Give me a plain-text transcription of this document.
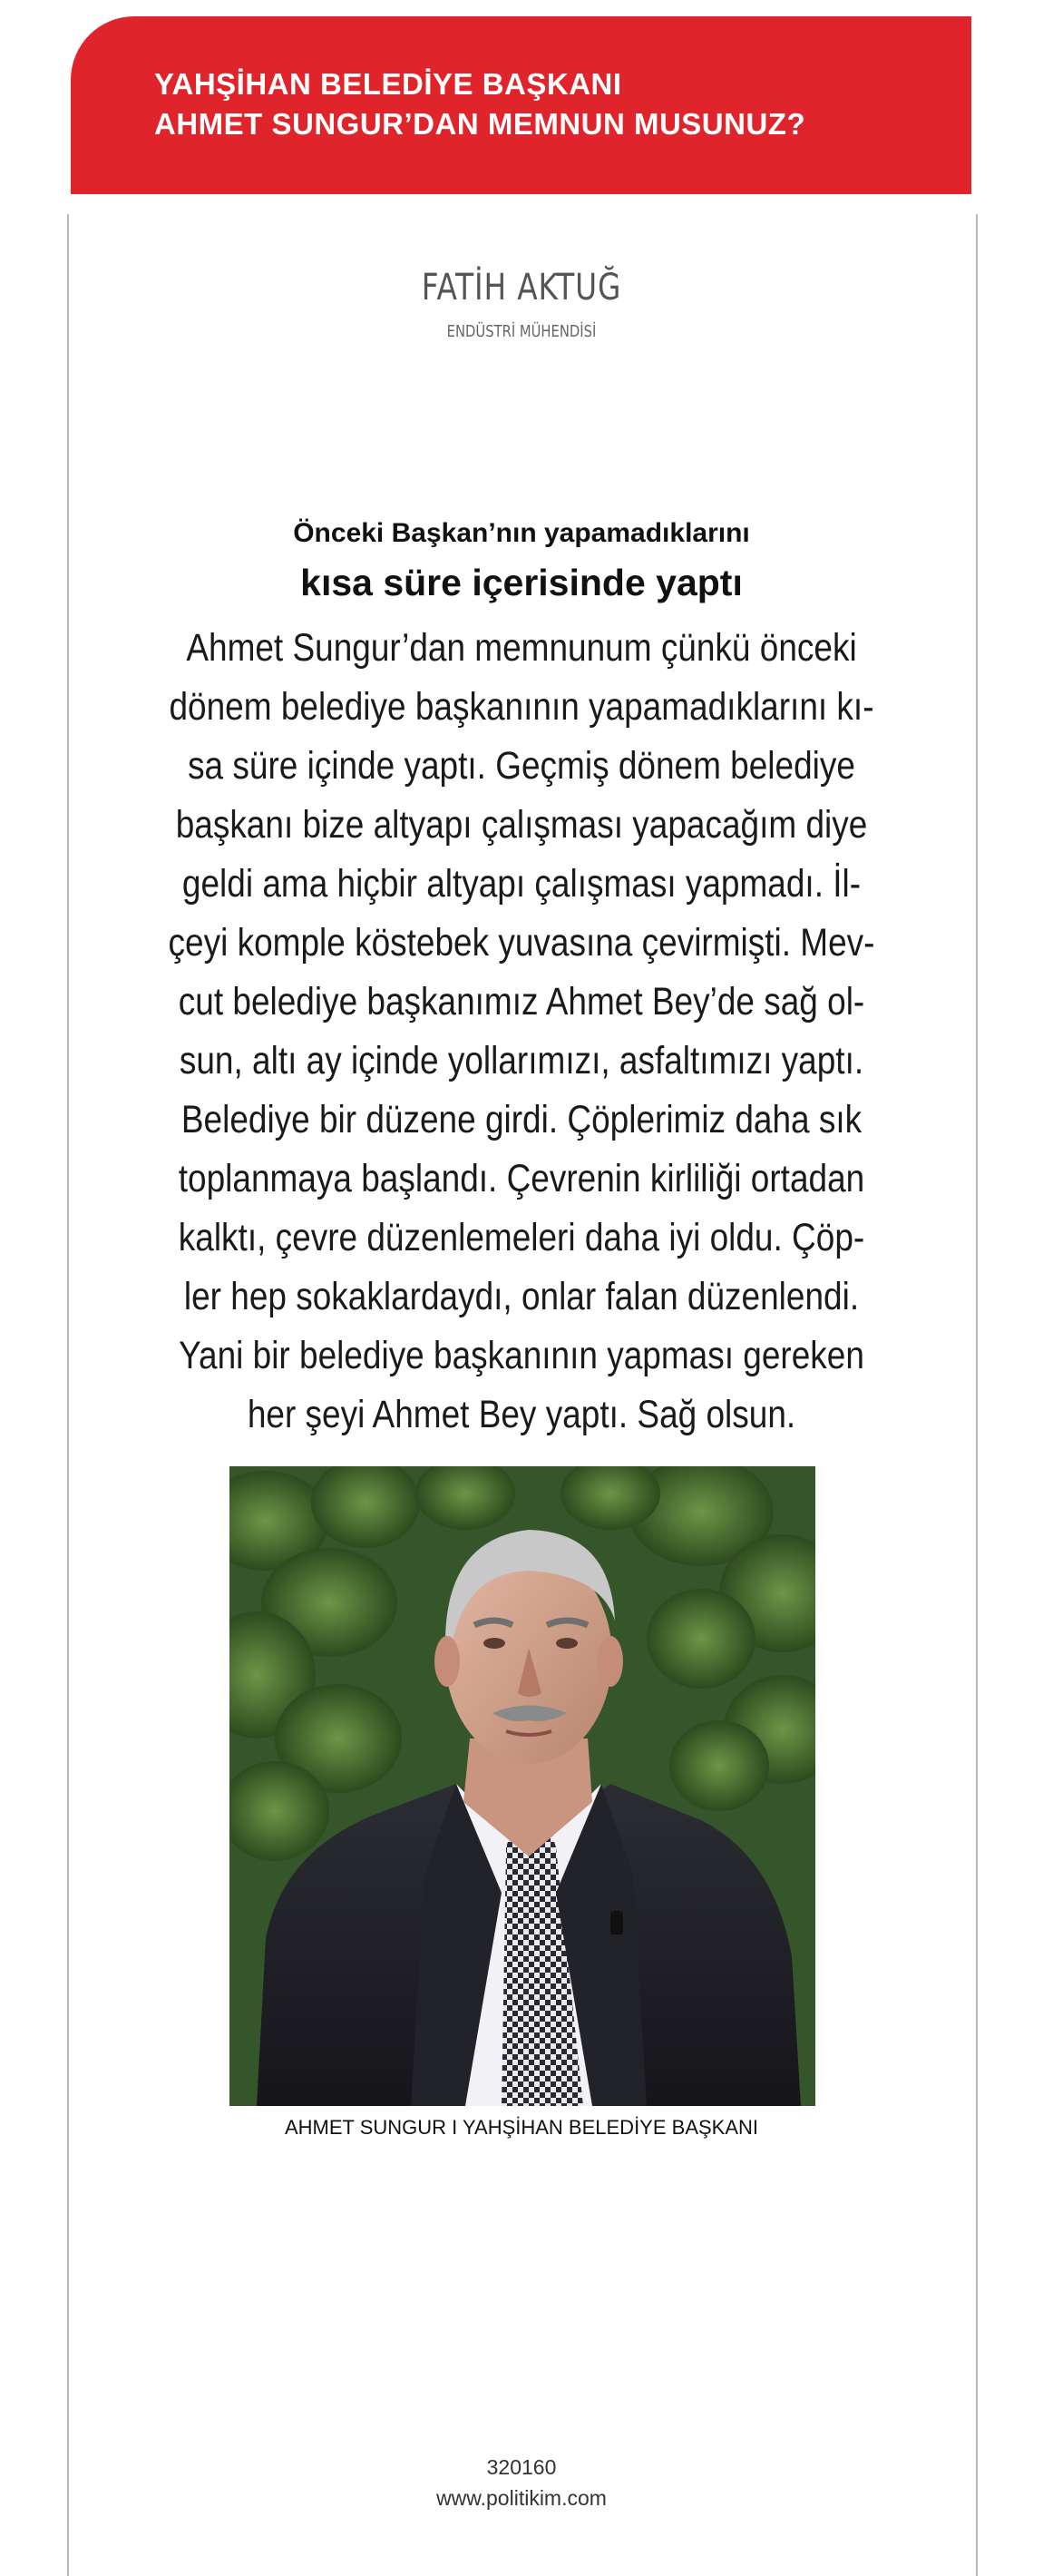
YAHŞİHAN BELEDİYE BAŞKANI
AHMET SUNGUR’DAN MEMNUN MUSUNUZ?
FATİH AKTUĞ
ENDÜSTRİ MÜHENDİSİ
Önceki Başkan’nın yapamadıklarını
kısa süre içerisinde yaptı
Ahmet Sungur’dan memnunum çünkü önceki
dönem belediye başkanının yapamadıklarını kı-
sa süre içinde yaptı. Geçmiş dönem belediye
başkanı bize altyapı çalışması yapacağım diye
geldi ama hiçbir altyapı çalışması yapmadı. İl-
çeyi komple köstebek yuvasına çevirmişti. Mev-
cut belediye başkanımız Ahmet Bey’de sağ ol-
sun, altı ay içinde yollarımızı, asfaltımızı yaptı.
Belediye bir düzene girdi. Çöplerimiz daha sık
toplanmaya başlandı. Çevrenin kirliliği ortadan
kalktı, çevre düzenlemeleri daha iyi oldu. Çöp-
ler hep sokaklardaydı, onlar falan düzenlendi.
Yani bir belediye başkanının yapması gereken
her şeyi Ahmet Bey yaptı. Sağ olsun.
AHMET SUNGUR I YAHŞİHAN BELEDİYE BAŞKANI
320160
www.politikim.com
